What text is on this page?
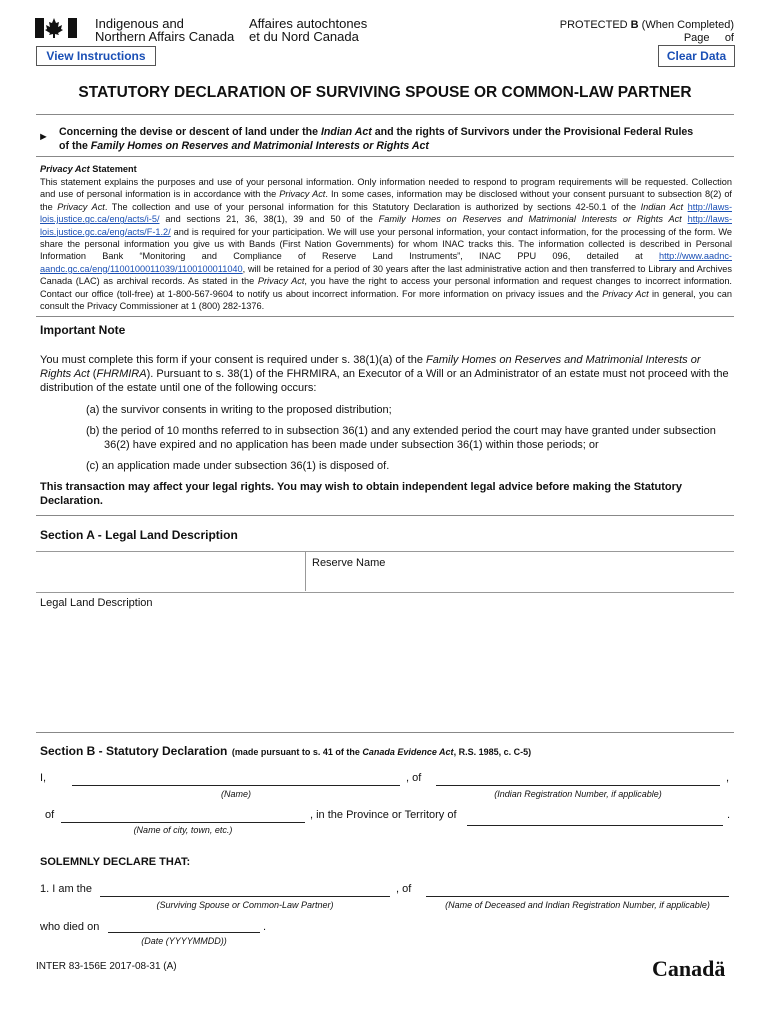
Indigenous and
Northern Affairs Canada
Affaires autochtones
et du Nord Canada
PROTECTED B (When Completed)
Page of
View Instructions	Clear Data
STATUTORY DECLARATION OF SURVIVING SPOUSE OR COMMON-LAW PARTNER
► Concerning the devise or descent of land under the Indian Act and the rights of Survivors under the Provisional Federal Rules
of the Family Homes on Reserves and Matrimonial Interests or Rights Act
Privacy Act Statement
This statement explains the purposes and use of your personal information. Only information needed to respond to program requirements will be requested. Collection and use of personal information is in accordance with the Privacy Act. In some cases, information may be disclosed without your consent pursuant to subsection 8(2) of the Privacy Act. The collection and use of your personal information for this Statutory Declaration is authorized by sections 42-50.1 of the Indian Act http://laws-lois.justice.gc.ca/eng/acts/i-5/ and sections 21, 36, 38(1), 39 and 50 of the Family Homes on Reserves and Matrimonial Interests or Rights Act http://laws-lois.justice.gc.ca/eng/acts/F-1.2/ and is required for your participation. We will use your personal information, your contact information, for the processing of the form. We share the personal information you give us with Bands (First Nation Governments) for whom INAC tracks this. The information collected is described in Personal Information Bank “Monitoring and Compliance of Reserve Land Instruments”, INAC PPU 096, detailed at http://www.aadnc-aandc.gc.ca/eng/1100100011039/1100100011040, will be retained for a period of 30 years after the last administrative action and then transferred to Library and Archives Canada (LAC) as archival records. As stated in the Privacy Act, you have the right to access your personal information and request changes to incorrect information. Contact our office (toll-free) at 1-800-567-9604 to notify us about incorrect information. For more information on privacy issues and the Privacy Act in general, you can consult the Privacy Commissioner at 1 (800) 282-1376.
Important Note
You must complete this form if your consent is required under s. 38(1)(a) of the Family Homes on Reserves and Matrimonial Interests or Rights Act (FHRMIRA). Pursuant to s. 38(1) of the FHRMIRA, an Executor of a Will or an Administrator of an estate must not proceed with the distribution of the estate until one of the following occurs:
(a) the survivor consents in writing to the proposed distribution;
(b) the period of 10 months referred to in subsection 36(1) and any extended period the court may have granted under subsection
36(2) have expired and no application has been made under subsection 36(1) within those periods; or
(c) an application made under subsection 36(1) is disposed of.
This transaction may affect your legal rights. You may wish to obtain independent legal advice before making the Statutory Declaration.
Section A - Legal Land Description
Reserve Name
Legal Land Description
Section B - Statutory Declaration (made pursuant to s. 41 of the Canada Evidence Act, R.S. 1985, c. C-5)
I,	, of	,
(Name)	(Indian Registration Number, if applicable)
of	, in the Province or Territory of	.
(Name of city, town, etc.)
SOLEMNLY DECLARE THAT:
1. I am the	, of
(Surviving Spouse or Common-Law Partner)	(Name of Deceased and Indian Registration Number, if applicable)
who died on	.
(Date (YYYYMMDD))
INTER 83-156E 2017-08-31 (A)	Canadä
